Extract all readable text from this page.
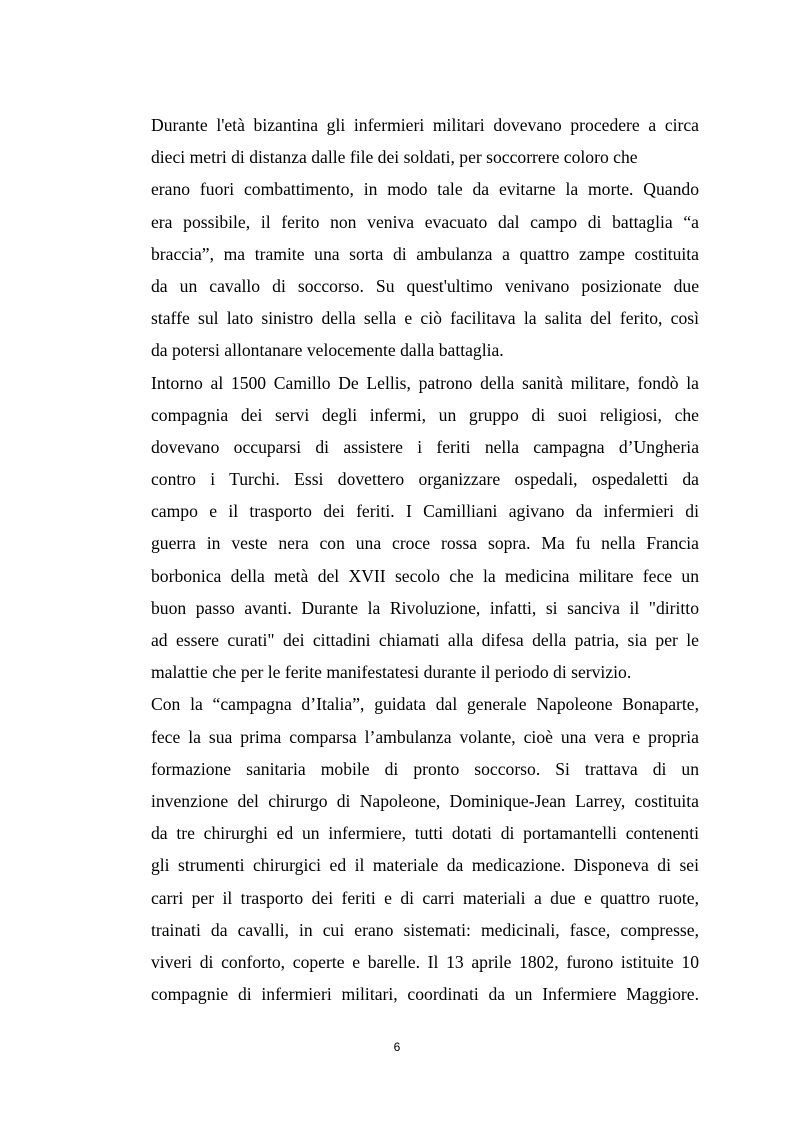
Durante l'età bizantina gli infermieri militari dovevano procedere a circa
dieci metri di distanza dalle file dei soldati, per soccorrere coloro che
erano fuori combattimento, in modo tale da evitarne la morte. Quando
era possibile, il ferito non veniva evacuato dal campo di battaglia “a
braccia”, ma tramite una sorta di ambulanza a quattro zampe costituita
da un cavallo di soccorso. Su quest'ultimo venivano posizionate due
staffe sul lato sinistro della sella e ciò facilitava la salita del ferito, così
da potersi allontanare velocemente dalla battaglia.
Intorno al 1500 Camillo De Lellis, patrono della sanità militare, fondò la
compagnia dei servi degli infermi, un gruppo di suoi religiosi, che
dovevano occuparsi di assistere i feriti nella campagna d’Ungheria
contro i Turchi. Essi dovettero organizzare ospedali, ospedaletti da
campo e il trasporto dei feriti. I Camilliani agivano da infermieri di
guerra in veste nera con una croce rossa sopra. Ma fu nella Francia
borbonica della metà del XVII secolo che la medicina militare fece un
buon passo avanti. Durante la Rivoluzione, infatti, si sanciva il "diritto
ad essere curati" dei cittadini chiamati alla difesa della patria, sia per le
malattie che per le ferite manifestatesi durante il periodo di servizio.
Con la “campagna d’Italia”, guidata dal generale Napoleone Bonaparte,
fece la sua prima comparsa l’ambulanza volante, cioè una vera e propria
formazione sanitaria mobile di pronto soccorso. Si trattava di un
invenzione del chirurgo di Napoleone, Dominique-Jean Larrey, costituita
da tre chirurghi ed un infermiere, tutti dotati di portamantelli contenenti
gli strumenti chirurgici ed il materiale da medicazione. Disponeva di sei
carri per il trasporto dei feriti e di carri materiali a due e quattro ruote,
trainati da cavalli, in cui erano sistemati: medicinali, fasce, compresse,
viveri di conforto, coperte e barelle. Il 13 aprile 1802, furono istituite 10
compagnie di infermieri militari, coordinati da un Infermiere Maggiore.
6
